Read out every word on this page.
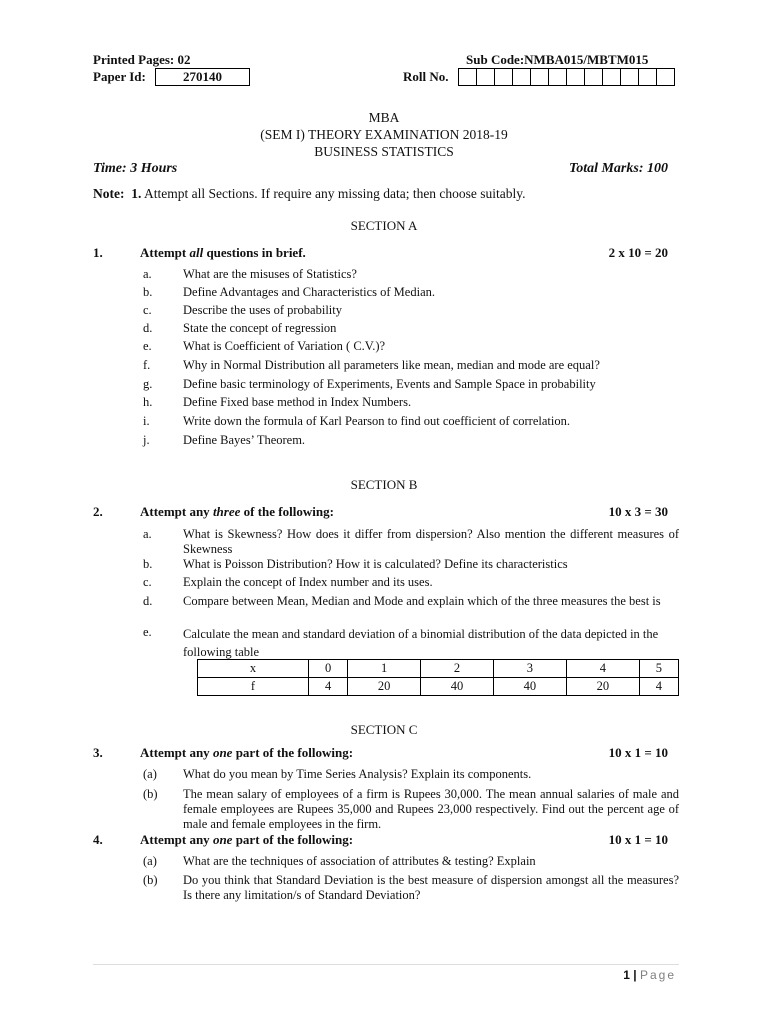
Printed Pages: 02	Sub Code:NMBA015/MBTM015
Paper Id:	270140	Roll No.
MBA
(SEM I) THEORY EXAMINATION 2018-19
BUSINESS STATISTICS
Time: 3 Hours	Total Marks: 100
Note: 1. Attempt all Sections. If require any missing data; then choose suitably.
SECTION A
1.	Attempt all questions in brief.	2 x 10 = 20
a.	What are the misuses of Statistics?
b. Define Advantages and Characteristics of Median.
c.	Describe the uses of probability
d. State the concept of regression
e.	What is Coefficient of Variation ( C.V.)?
f.	Why in Normal Distribution all parameters like mean, median and mode are equal?
g. Define basic terminology of Experiments, Events and Sample Space in probability
h. Define Fixed base method in Index Numbers.
i.	Write down the formula of Karl Pearson to find out coefficient of correlation.
j.	Define Bayes’ Theorem.
SECTION B
2.	Attempt any three of the following:	10 x 3 = 30
a.	What is Skewness? How does it differ from dispersion? Also mention the different measures of Skewness
b. What is Poisson Distribution? How it is calculated? Define its characteristics
c.	Explain the concept of Index number and its uses.
d. Compare between Mean, Median and Mode and explain which of the three measures the best is
e.	Calculate the mean and standard deviation of a binomial distribution of the data depicted in the following table
x	0	1	2	3	4	5
f	4	20	40	40	20	4
SECTION C
3.	Attempt any one part of the following:	10 x 1 = 10
(a) What do you mean by Time Series Analysis? Explain its components.
(b) The mean salary of employees of a firm is Rupees 30,000. The mean annual salaries of male and female employees are Rupees 35,000 and Rupees 23,000 respectively. Find out the percent age of male and female employees in the firm.
4.	Attempt any one part of the following:	10 x 1 = 10
(a) What are the techniques of association of attributes & testing? Explain
(b) Do you think that Standard Deviation is the best measure of dispersion amongst all the measures? Is there any limitation/s of Standard Deviation?
1 | Page
